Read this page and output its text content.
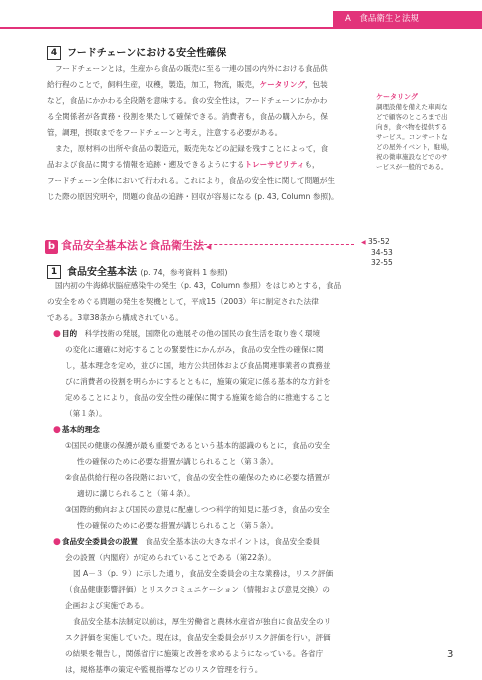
A　食品衛生と法規
4 フードチェーンにおける安全性確保
フードチェーンとは，生産から食品の販売に至る一連の国の内外における食品供
給行程のことで，飼料生産，収穫，製造，加工，物流，販売，ケータリング，包装
など，食品にかかわる全段階を意味する。食の安全性は，フードチェーンにかかわ
る全関係者が各責務・役割を果たして確保できる。消費者も，食品の購入から，保
管，調理，摂取までをフードチェーンと考え，注意する必要がある。
また，原材料の出所や食品の製造元，販売先などの記録を残すことによって，食
品および食品に関する情報を追跡・遡及できるようにするトレーサビリティも，
フードチェーン全体において行われる。これにより，食品の安全性に関して問題が生
じた際の原因究明や，問題の食品の追跡・回収が容易になる (p. 43, Column 参照)。
ケータリング
調理設備を備えた車両な
どで顧客のところまで出
向き，食べ物を提供する
サービス。コンサートな
どの屋外イベント，駐場，
祝の微車施設などでのサ
ービスが一般的である。
b 食品安全基本法と食品衛生法 ◀
◀ 35-52
34-53
32-55
1 食品安全基本法 (p. 74，参考資料 1 参照)
国内初の牛海綿状脳症感染牛の発生（p. 43，Column 参照）をはじめとする，食品
の安全をめぐる問題の発生を契機として，平成15（2003）年に制定された法律
である。3章38条から構成されている。
●目的　 科学技術の発展，国際化の進展その他の国民の食生活を取り巻く環境
の変化に適確に対応することの緊要性にかんがみ，食品の安全性の確保に関
し，基本理念を定め，並びに国，地方公共団体および食品関連事業者の責務並
びに消費者の役割を明らかにするとともに，施策の策定に係る基本的な方針を
定めることにより，食品の安全性の確保に関する施策を総合的に推進すること
（第１条）。
●基本的理念
①国民の健康の保護が最も重要であるという基本的認識のもとに，食品の安全
性の確保のために必要な措置が講じられること（第３条）。
②食品供給行程の各段階において，食品の安全性の確保のために必要な措置が
適切に講じられること（第４条）。
③国際的動向および国民の意見に配慮しつつ科学的知見に基づき，食品の安全
性の確保のために必要な措置が講じられること（第５条）。
●食品安全委員会の設置　 食品安全基本法の大きなポイントは，食品安全委員
会の設置（内閣府）が定められていることである（第22条）。
図 A－３（p. ９）に示した通り，食品安全委員会の主な業務は，リスク評価
（食品健康影響評価）とリスクコミュニケーション（情報および意見交換）の
企画および実施である。
食品安全基本法制定以前は，厚生労働省と農林水産省が独自に食品安全のリ
スク評価を実施していた。現在は，食品安全委員会がリスク評価を行い，評価
の結果を報告し，関係省庁に施策と改善を求めるようになっている。各省庁
は，規格基準の策定や監視指導などのリスク管理を行う。
3
